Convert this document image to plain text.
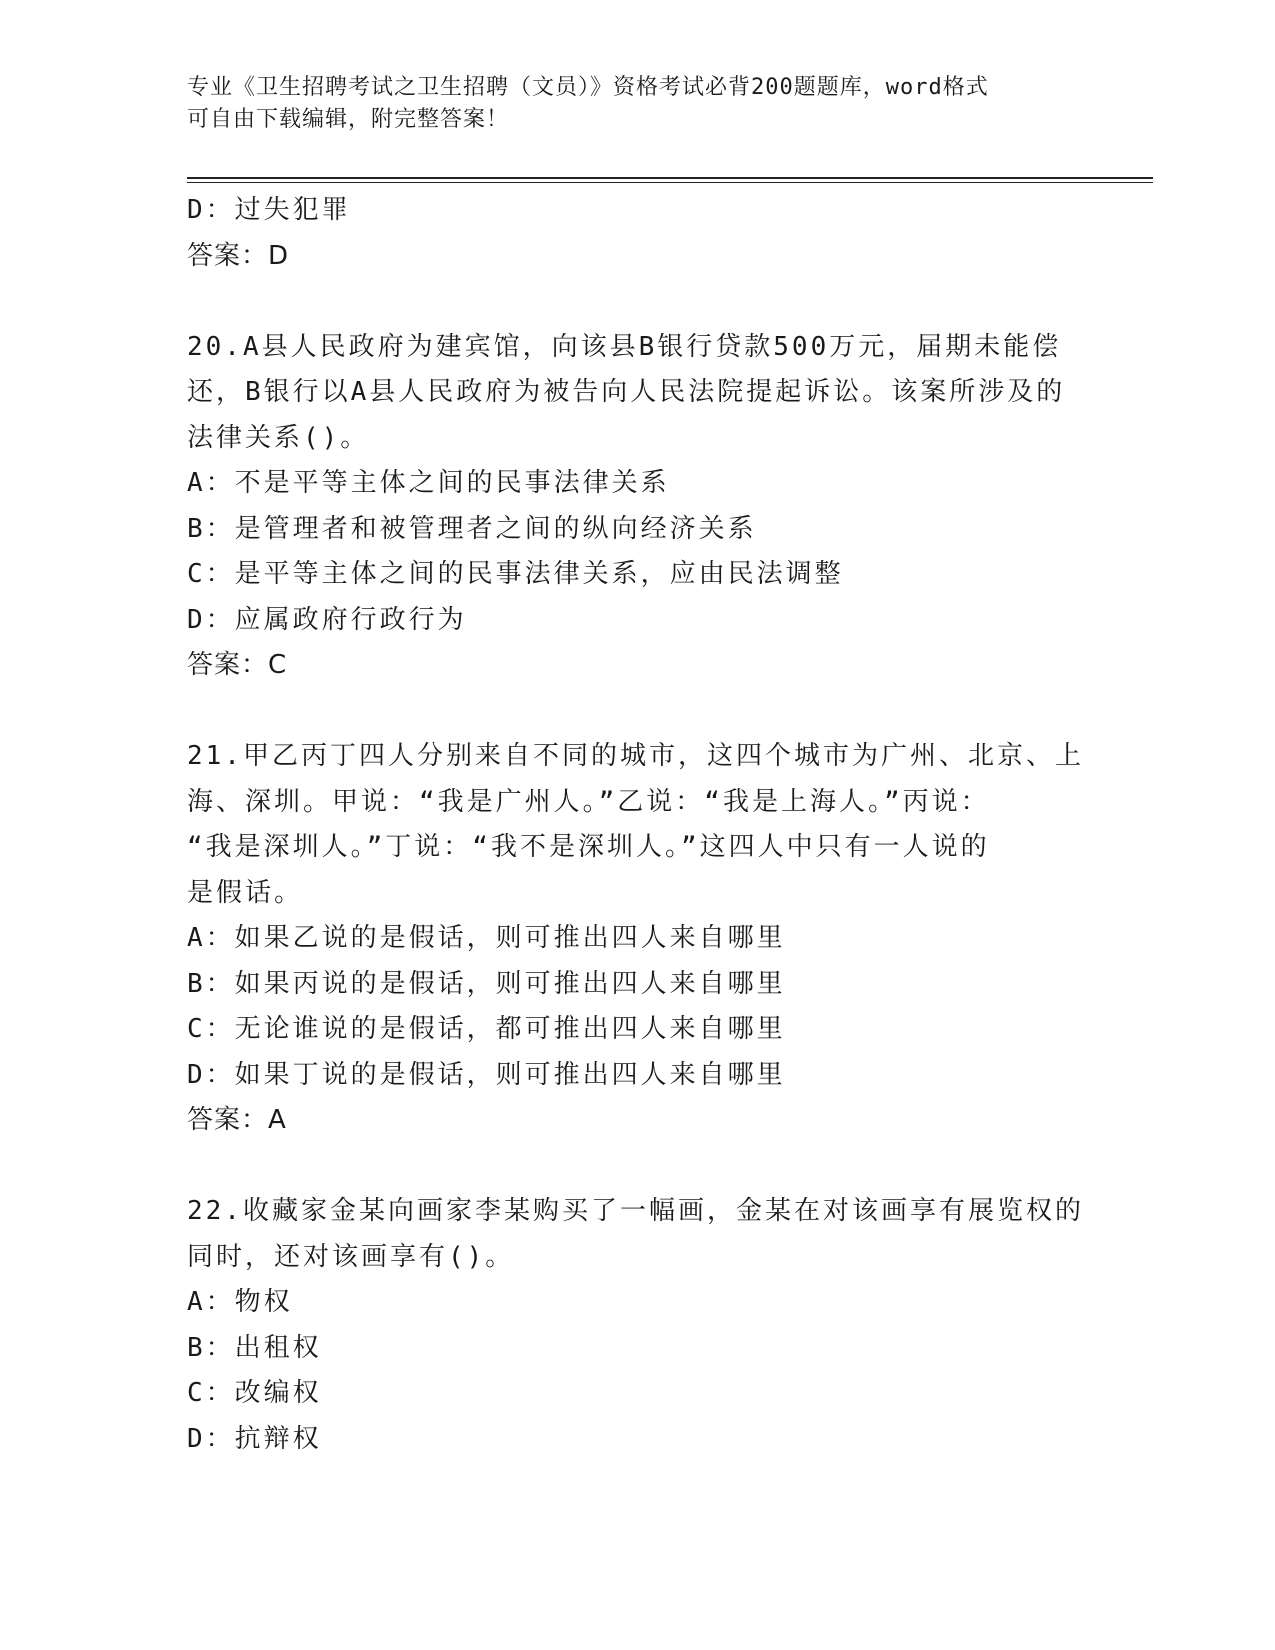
专业《卫生招聘考试之卫生招聘（文员）》资格考试必背200题题库，word格式
可自由下载编辑，附完整答案！
D：过失犯罪
答案：D
20.A县人民政府为建宾馆，向该县B银行贷款500万元，届期未能偿
还，B银行以A县人民政府为被告向人民法院提起诉讼。该案所涉及的
法律关系()。
A：不是平等主体之间的民事法律关系
B：是管理者和被管理者之间的纵向经济关系
C：是平等主体之间的民事法律关系，应由民法调整
D：应属政府行政行为
答案：C
21.甲乙丙丁四人分别来自不同的城市，这四个城市为广州、北京、上
海、深圳。甲说：“我是广州人。”乙说：“我是上海人。”丙说：
“我是深圳人。”丁说：“我不是深圳人。”这四人中只有一人说的
是假话。
A：如果乙说的是假话，则可推出四人来自哪里
B：如果丙说的是假话，则可推出四人来自哪里
C：无论谁说的是假话，都可推出四人来自哪里
D：如果丁说的是假话，则可推出四人来自哪里
答案：A
22.收藏家金某向画家李某购买了一幅画，金某在对该画享有展览权的
同时，还对该画享有()。
A：物权
B：出租权
C：改编权
D：抗辩权
